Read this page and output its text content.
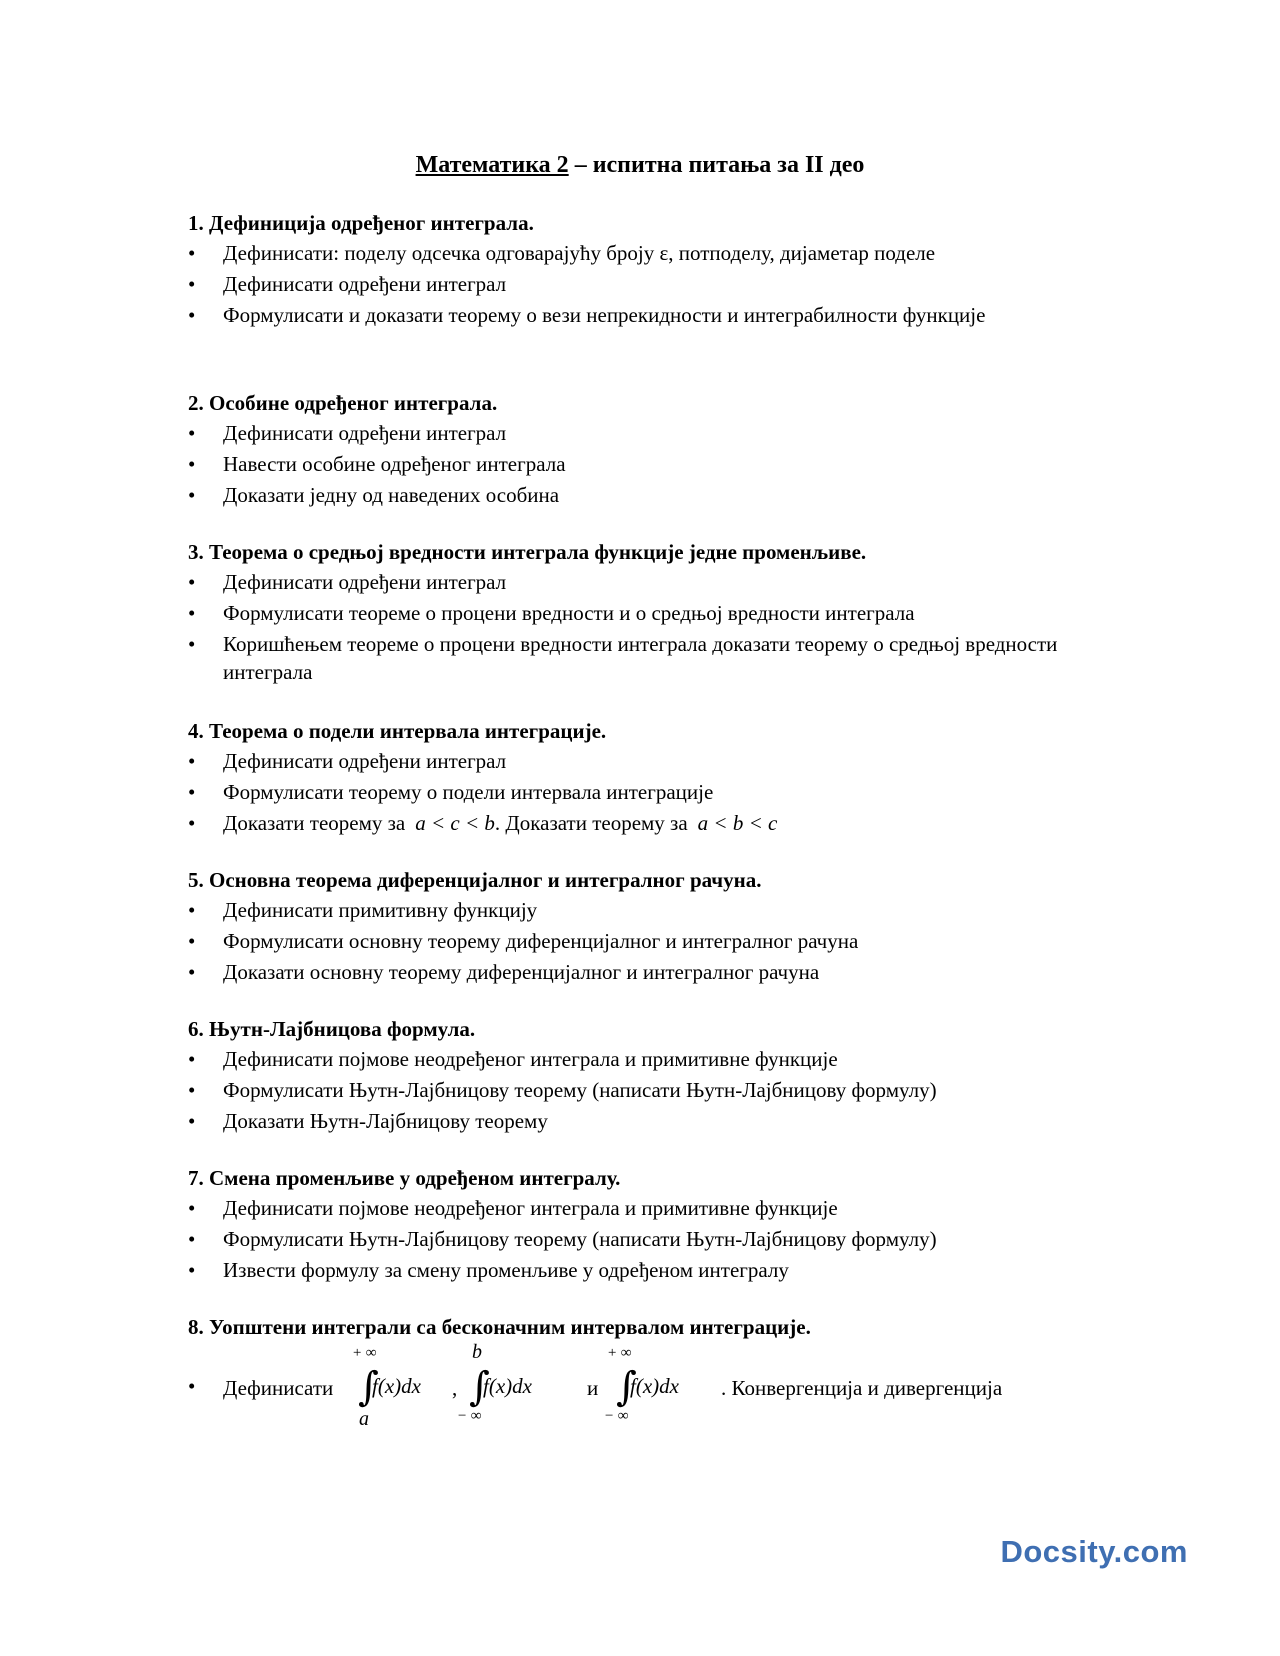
Математика 2 – испитна питања за II део
1. Дефиниција одређеног интеграла.
• Дефинисати: поделу одсечка одговарајућу броју ε, потподелу, дијаметар поделе
• Дефинисати одређени интеграл
• Формулисати и доказати теорему о вези непрекидности и интеграбилности функције
2. Особине одређеног интеграла.
• Дефинисати одређени интеграл
• Навести особине одређеног интеграла
• Доказати једну од наведених особина
3. Теорема о средњој вредности интеграла функције једне променљиве.
• Дефинисати одређени интеграл
• Формулисати теореме о процени вредности и о средњој вредности интеграла
• Коришћењем теореме о процени вредности интеграла доказати теорему о средњој вредности интеграла
4. Теорема о подели интервала интеграције.
• Дефинисати одређени интеграл
• Формулисати теорему о подели интервала интеграције
• Доказати теорему за a < c < b. Доказати теорему за a < b < c
5. Основна теорема диференцијалног и интегралног рачуна.
• Дефинисати примитивну функцију
• Формулисати основну теорему диференцијалног и интегралног рачуна
• Доказати основну теорему диференцијалног и интегралног рачуна
6. Њутн-Лајбницова формула.
• Дефинисати појмове неодређеног интеграла и примитивне функције
• Формулисати Њутн-Лајбницову теорему (написати Њутн-Лајбницову формулу)
• Доказати Њутн-Лајбницову теорему
7. Смена променљиве у одређеном интегралу.
• Дефинисати појмове неодређеног интеграла и примитивне функције
• Формулисати Њутн-Лајбницову теорему (написати Њутн-Лајбницову формулу)
• Извести формулу за смену променљиве у одређеном интегралу
8. Уопштени интеграли са бесконачним интервалом интеграције.
• Дефинисати
+ ∞
∫
f(x)dx
a
,
b
∫
f(x)dx
− ∞
и
+ ∞
∫
f(x)dx
− ∞
. Конвергенција и дивергенција
Docsity.com
